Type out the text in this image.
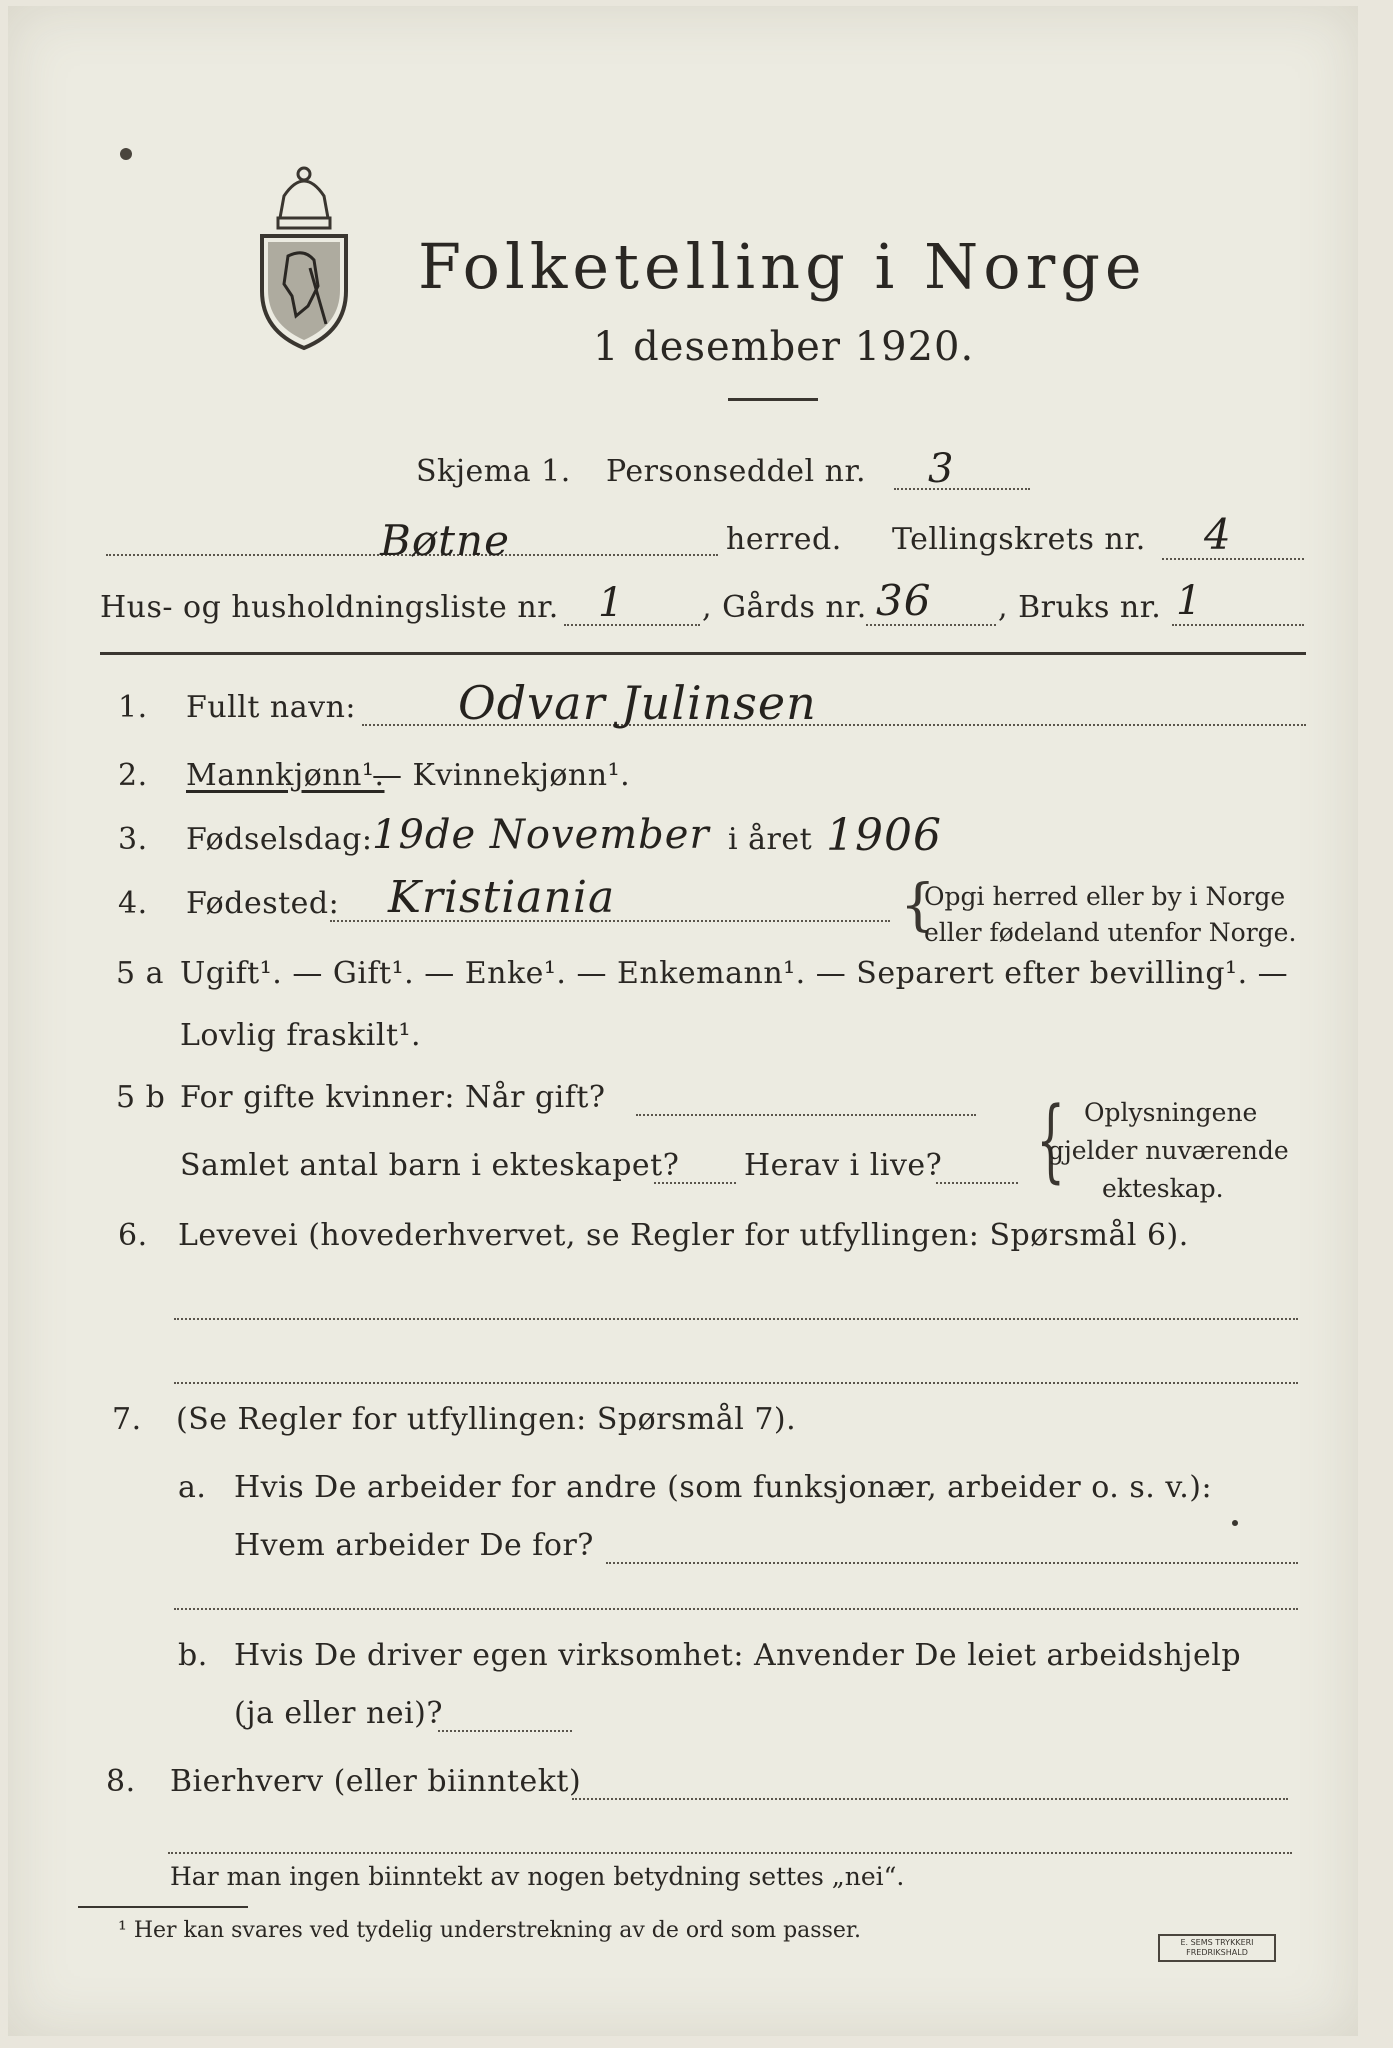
Folketelling i Norge
1 desember 1920.
Skjema 1. Personseddel nr. 3
Bøtne	herred. Tellingskrets nr. 4
Hus- og husholdningsliste nr. 1	, Gårds nr. 36 , Bruks nr. 1
1. Fullt navn: Odvar Julinsen
2. Mannkjønn¹.
— Kvinnekjønn¹.
3. Fødselsdag: 19de November i året 1906
4. Fødested: Kristiania	{
Opgi herred eller by i Norge
eller fødeland utenfor Norge.
5 a Ugift¹. — Gift¹. — Enke¹. — Enkemann¹. — Separert efter bevilling¹. —
Lovlig fraskilt¹.
5 b For gifte kvinner: Når gift?
Samlet antal barn i ekteskapet? Herav i live? { Oplysningene
gjelder nuværende
ekteskap.
6. Levevei (hovederhvervet, se Regler for utfyllingen: Spørsmål 6).
7. (Se Regler for utfyllingen: Spørsmål 7).
a. Hvis De arbeider for andre (som funksjonær, arbeider o. s. v.):
Hvem arbeider De for?
b. Hvis De driver egen virksomhet: Anvender De leiet arbeidshjelp
(ja eller nei)?
8. Bierhverv (eller biinntekt)
Har man ingen biinntekt av nogen betydning settes „nei“.
¹ Her kan svares ved tydelig understrekning av de ord som passer.	E. SEMS TRYKKERI FREDRIKSHALD
